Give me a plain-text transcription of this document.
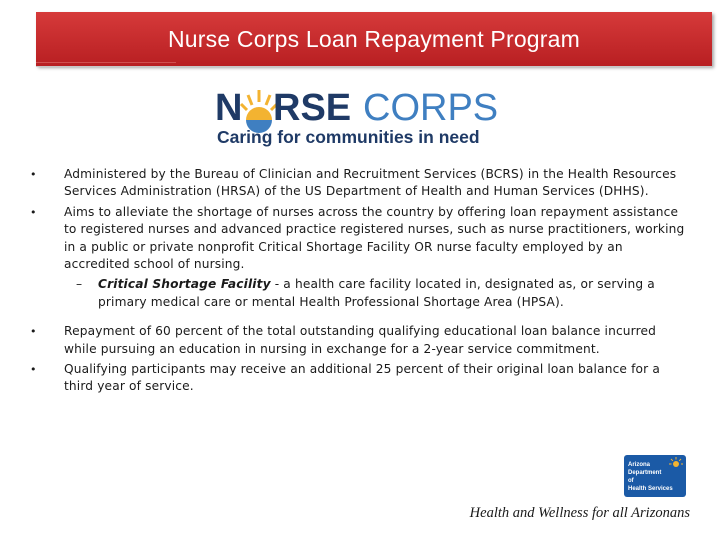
Nurse Corps Loan Repayment Program
N RSE CORPS
Caring for communities in need
• Administered by the Bureau of Clinician and Recruitment Services (BCRS) in the Health Resources Services Administration (HRSA) of the US Department of Health and Human Services (DHHS).
• Aims to alleviate the shortage of nurses across the country by offering loan repayment assistance to registered nurses and advanced practice registered nurses, such as nurse practitioners, working in a public or private nonprofit Critical Shortage Facility OR nurse faculty employed by an accredited school of nursing.
– Critical Shortage Facility - a health care facility located in, designated as, or serving a primary medical care or mental Health Professional Shortage Area (HPSA).
• Repayment of 60 percent of the total outstanding qualifying educational loan balance incurred while pursuing an education in nursing in exchange for a 2-year service commitment.
• Qualifying participants may receive an additional 25 percent of their original loan balance for a third year of service.
Arizona
Department
of
Health Services
Health and Wellness for all Arizonans
